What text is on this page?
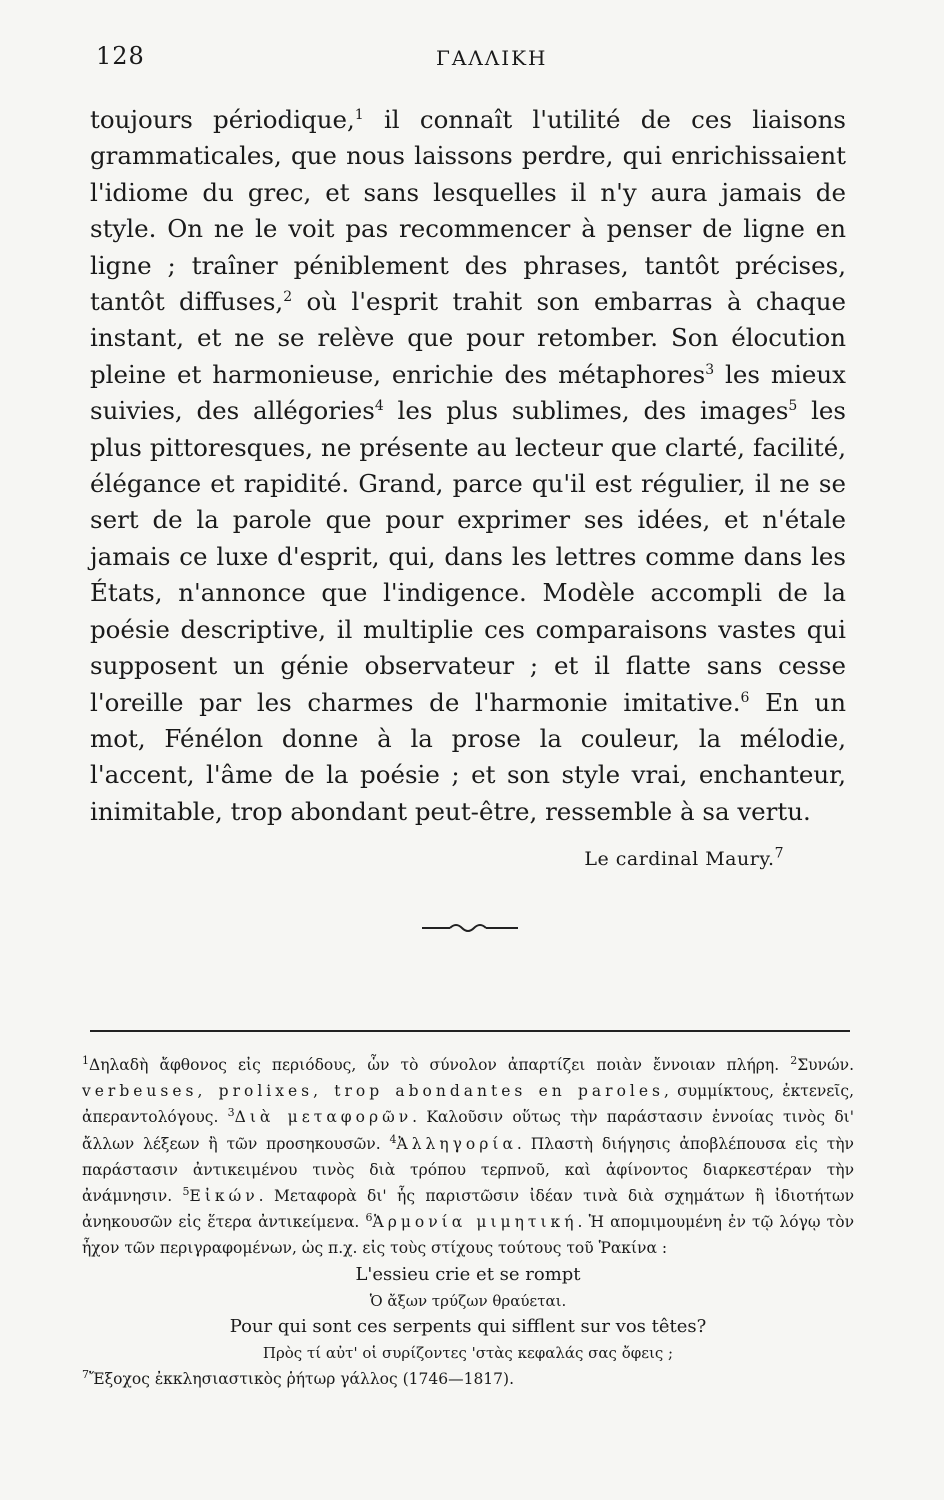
128	ΓΑΛΛΙΚΗ

toujours périodique,$^1$ il connaît l'utilité de ces liaisons grammaticales, que nous laissons perdre, qui enrichissaient l'idiome du grec, et sans lesquelles il n'y aura jamais de style. On ne le voit pas recommencer à penser de ligne en ligne ; traîner péniblement des phrases, tantôt précises, tantôt diffuses,$^2$ où l'esprit trahit son embarras à chaque instant, et ne se relève que pour retomber. Son élocution pleine et harmonieuse, enrichie des métaphores$^3$ les mieux suivies, des allégories$^4$ les plus sublimes, des images$^5$ les plus pittoresques, ne présente au lecteur que clarté, facilité, élégance et rapidité. Grand, parce qu'il est régulier, il ne se sert de la parole que pour exprimer ses idées, et n'étale jamais ce luxe d'esprit, qui, dans les lettres comme dans les États, n'annonce que l'indigence. Modèle accompli de la poésie descriptive, il multiplie ces comparaisons vastes qui supposent un génie observateur ; et il flatte sans cesse l'oreille par les charmes de l'harmonie imitative.$^6$ En un mot, Fénélon donne à la prose la couleur, la mélodie, l'accent, l'âme de la poésie ; et son style vrai, enchanteur, inimitable, trop abondant peut-être, ressemble à sa vertu.

Le cardinal Maury.$^7$

$^1$Δηλαδὴ ἄφθονος εἰς περιόδους, ὧν τὸ σύνολον ἀπαρτίζει ποιὰν ἔννοιαν πλήρη. $^2$Συνών. verbeuses, prolixes, trop abondantes en paroles, συμμίκτους, ἐκτενεῖς, ἀπεραντολόγους. $^3$Διὰ μεταφορῶν. Καλοῦσιν οὕτως τὴν παράστασιν ἐννοίας τινὸς δι' ἄλλων λέξεων ἢ τῶν προσηκουσῶν. $^4$Ἀλληγορία. Πλαστὴ διήγησις ἀποβλέπουσα εἰς τὴν παράστασιν ἀντικειμένου τινὸς διὰ τρόπου τερπνοῦ, καὶ ἀφίνοντος διαρκεστέραν τὴν ἀνάμνησιν. $^5$Εἰκών. Μεταφορὰ δι' ἧς παριστῶσιν ἰδέαν τινὰ διὰ σχημάτων ἢ ἰδιοτήτων ἀνηκουσῶν εἰς ἕτερα ἀντικείμενα. $^6$Ἁρμονία μιμητική. Ἡ απομιμουμένη ἐν τῷ λόγῳ τὸν ἦχον τῶν περιγραφομένων, ὡς π.χ. εἰς τοὺς στίχους τούτους τοῦ Ῥακίνα :

L'essieu crie et se rompt

Ὁ ἄξων τρύζων θραύεται.

Pour qui sont ces serpents qui sifflent sur vos têtes?

Πρὸς τί αὐτ' οἱ συρίζοντες 'στὰς κεφαλάς σας ὄφεις ;

$^7$Ἔξοχος ἐκκλησιαστικὸς ῥήτωρ γάλλος (1746—1817).
